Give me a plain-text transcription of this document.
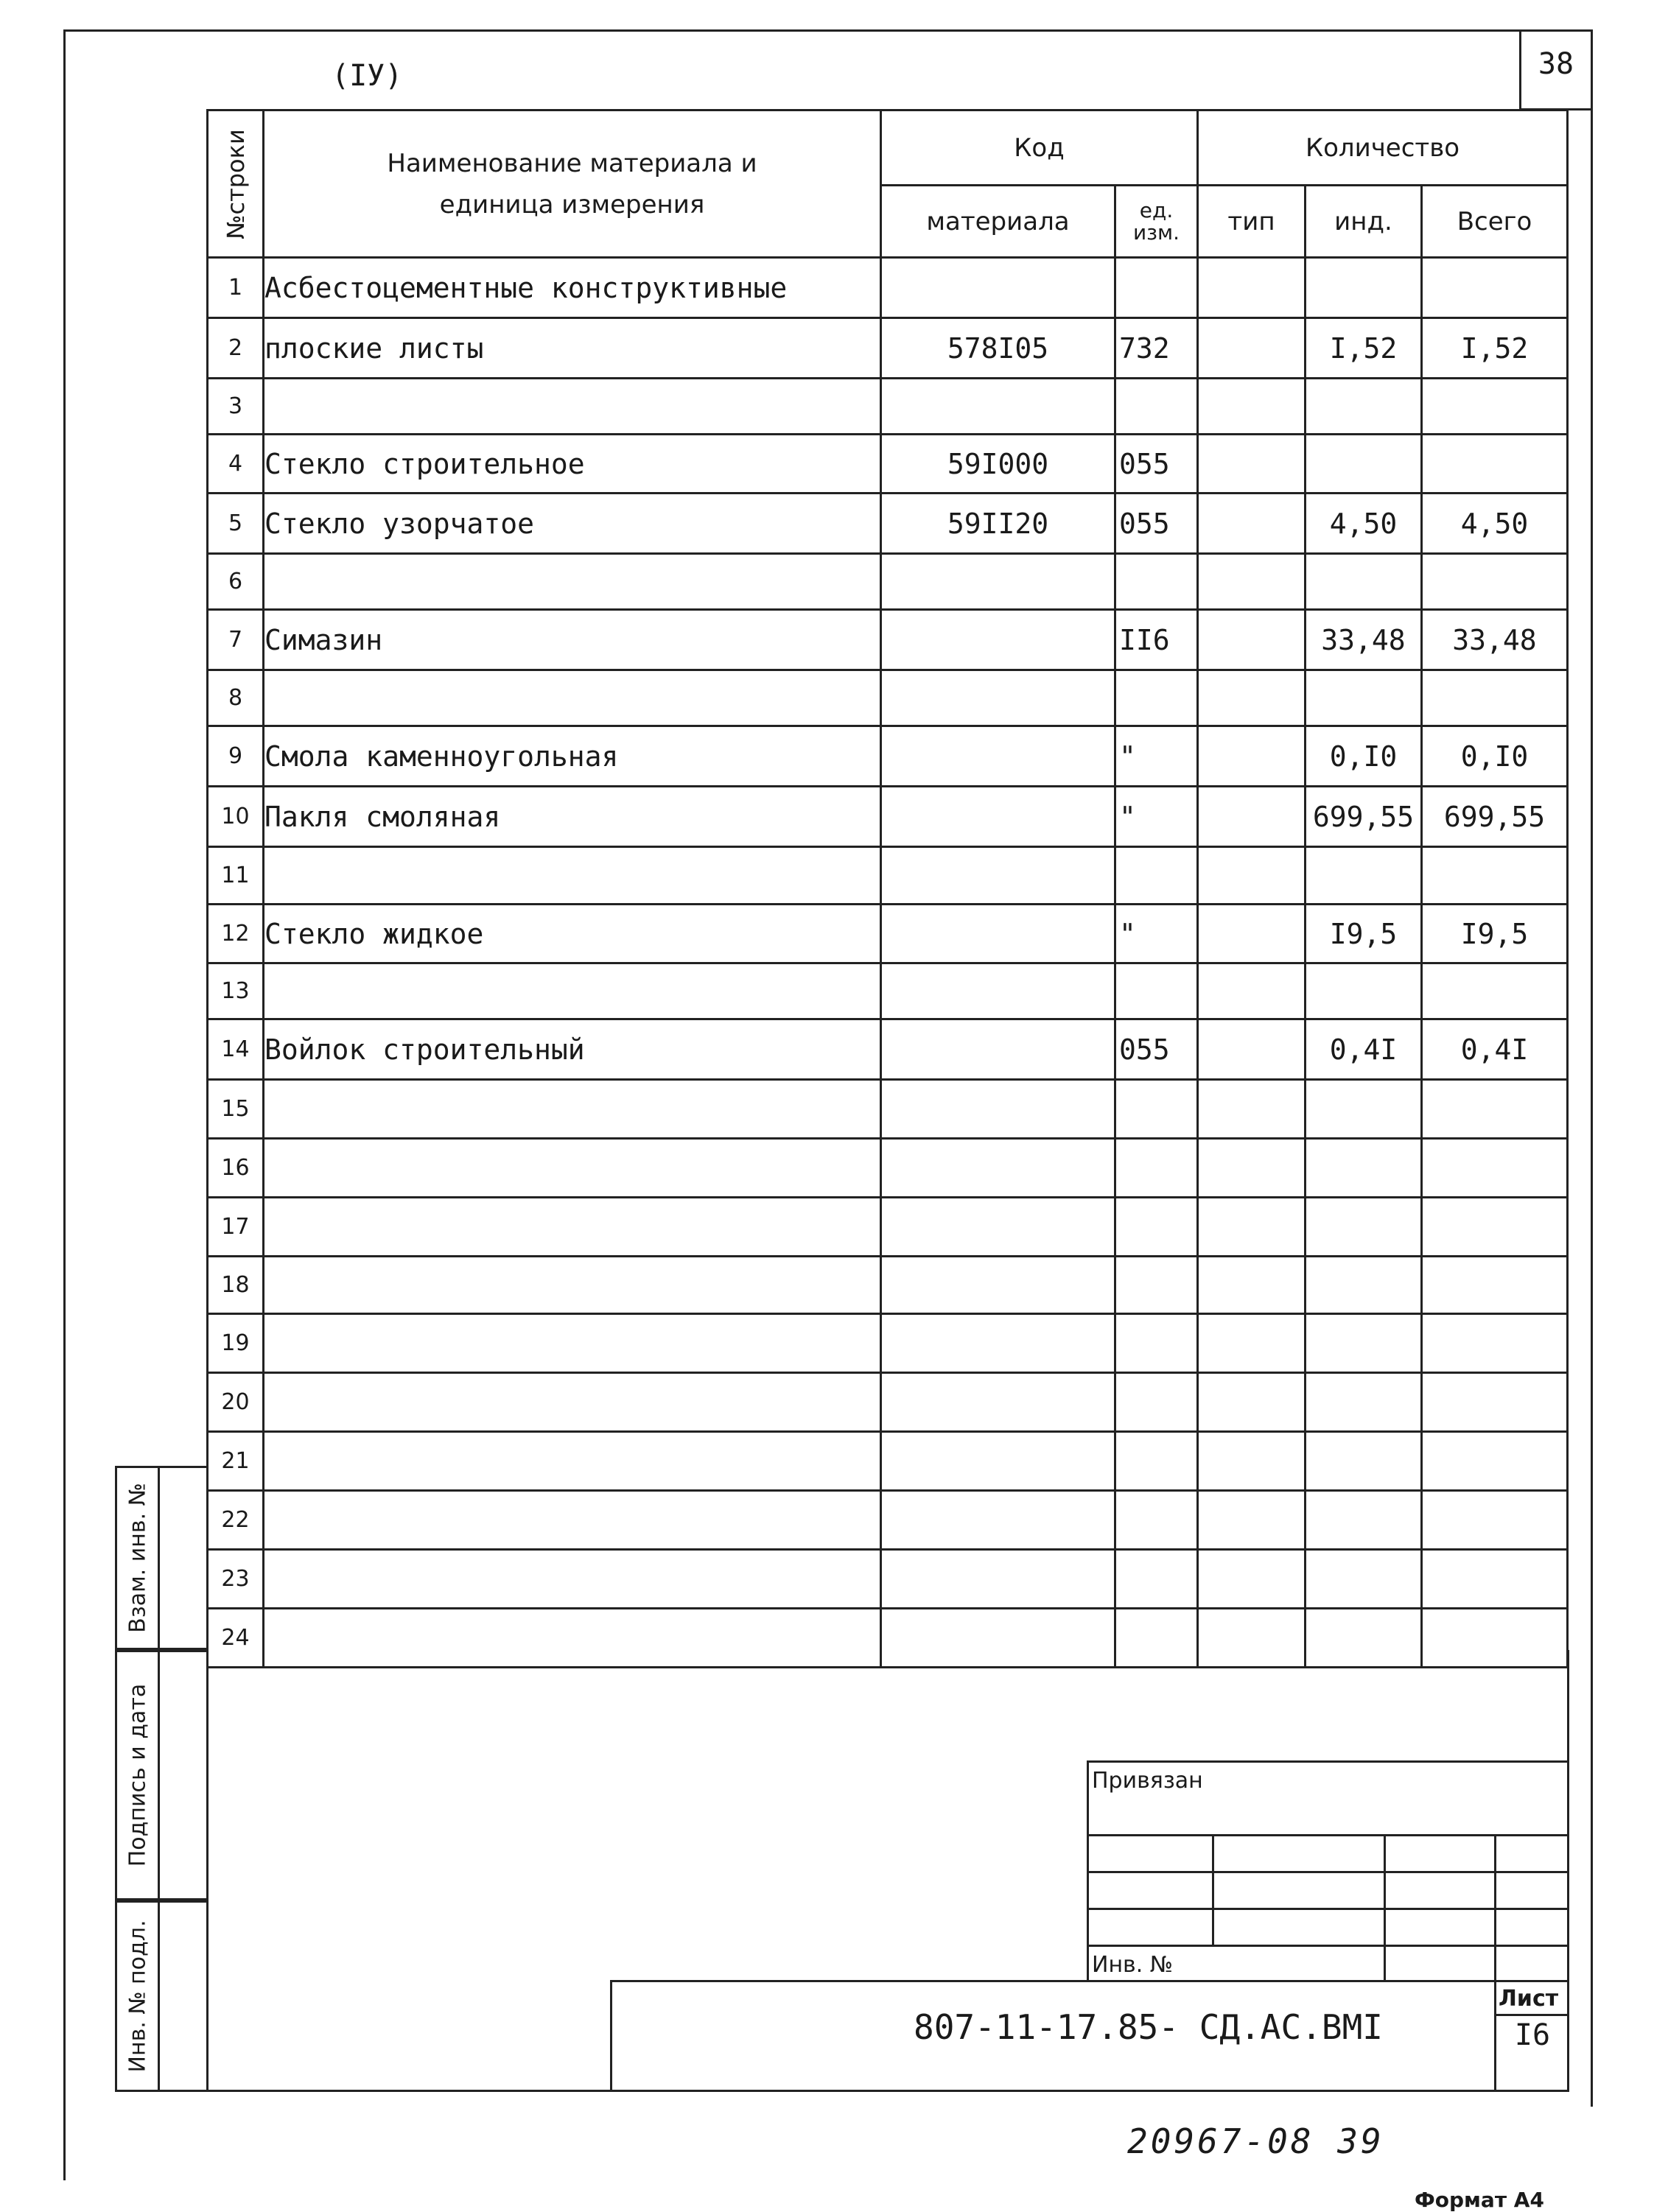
38
(IУ)
№строки	Наименование материала и единица измерения	Код		Количество		
		материала	ед. изм.	тип	инд.	Всего
1	Асбестоцементные конструктивные					
2	плоские листы	578I05	732		I,52	I,52
3						
4	Стекло строительное	59I000	055			
5	Стекло узорчатое	59II20	055		4,50	4,50
6						
7	Симазин		II6		33,48	33,48
8						
9	Смола каменноугольная		"		0,I0	0,I0
10	Пакля смоляная		"		699,55	699,55
11						
12	Стекло жидкое		"		I9,5	I9,5
13						
14	Войлок строительный		055		0,4I	0,4I
15						
16						
17						
18						
19						
20						
21						
22						
23						
24						
Взам. инв. №
Подпись и дата
Инв. № подл.
Привязан
Инв. №
Лист
I6
807-11-17.85- СД.АС.ВМI
20967-08 39
Формат А4
